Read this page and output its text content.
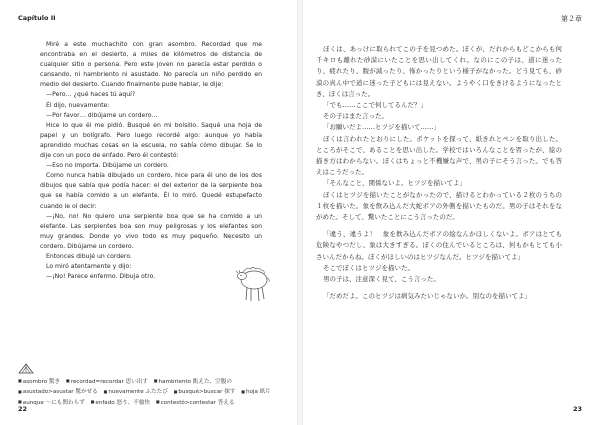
Capítulo II

Miré a este muchachito con gran asombro. Recordad que me encontraba en el desierto, a miles de kilómetros de distancia de cualquier sitio o persona. Pero este joven no parecía estar perdido o cansando, ni hambriento ni asustado. No parecía un niño perdido en medio del desierto. Cuando finalmente pude hablar, le dije:

—Pero… ¿qué haces tú aquí?

Él dijo, nuevamente:

—Por favor… dibújame un cordero…

Hice lo que él me pidió. Busqué en mi bolsillo. Saqué una hoja de papel y un bolígrafo. Pero luego recordé algo: aunque yo había aprendido muchas cosas en la escuela, no sabía cómo dibujar. Se lo dije con un poco de enfado. Pero él contestó:

—Eso no importa. Dibújame un cordero.

Como nunca había dibujado un cordero, hice para él uno de los dos dibujos que sabía que podía hacer: el del exterior de la serpiente boa que se había comido a un elefante. Él lo miró. Quedé estupefacto cuando le oí decir:

—¡No, no! No quiero una serpiente boa que se ha comido a un elefante. Las serpientes boa son muy peligrosas y los elefantes son muy grandes. Donde yo vivo todo es muy pequeño. Necesito un cordero. Dibújame un cordero.

Entonces dibujé un cordero.

Lo miró atentamente y dijo:

—¡No! Parece enfermo. Dibuja otro.

■ asombro 驚き ■ recordad=recordar 思い出す ■ hambriento 飢えた、空腹の ■ asustado>asustar 驚かせる ■ nuevamente ふたたび ■ busqué>buscar 探す ■ hoja 紙片 ■ aunque ～にも関わらず ■ enfado 怒り、不愉快 ■ contestó>contestar 答える
22
第２章

ぼくは、あっけに取られてこの子を見つめた。ぼくが、だれからもどこからも何千キロも離れた砂漠にいたことを思い出してくれ。なのにこの子は、道に迷ったり、疲れたり、腹が減ったり、怖かったりという様子がなかった。どう見ても、砂漠の真ん中で道に迷った子どもには見えない。ようやく口をきけるようになったとき、ぼくは言った。

「でも……ここで何してるんだ？」

その子はまた言った。

「お願いだよ……ヒツジを描いて……」

ぼくは言われたとおりにした。ポケットを探って、紙きれとペンを取り出した。ところがそこで、あることを思い出した。学校ではいろんなことを習ったが、絵の描き方はわからない。ぼくはちょっと不機嫌な声で、男の子にそう言った。でも答えはこうだった。

「そんなこと、関係ないよ。ヒツジを描いてよ」

ぼくはヒツジを描いたことがなかったので、描けるとわかっている２枚のうちの１枚を描いた。象を飲み込んだ大蛇ボアの外側を描いたものだ。男の子はそれをながめた。そして、驚いたことにこう言ったのだ。

「違う、違うよ！　象を飲み込んだボアの絵なんかほしくないよ。ボアはとても危険なやつだし、象は大きすぎる。ぼくの住んでいるところは、何もかもとても小さいんだからね。ぼくがほしいのはヒツジなんだ。ヒツジを描いてよ」

そこでぼくはヒツジを描いた。

男の子は、注意深く見て、こう言った。

「だめだよ。このヒツジは病気みたいじゃないか。別なのを描いてよ」

23
